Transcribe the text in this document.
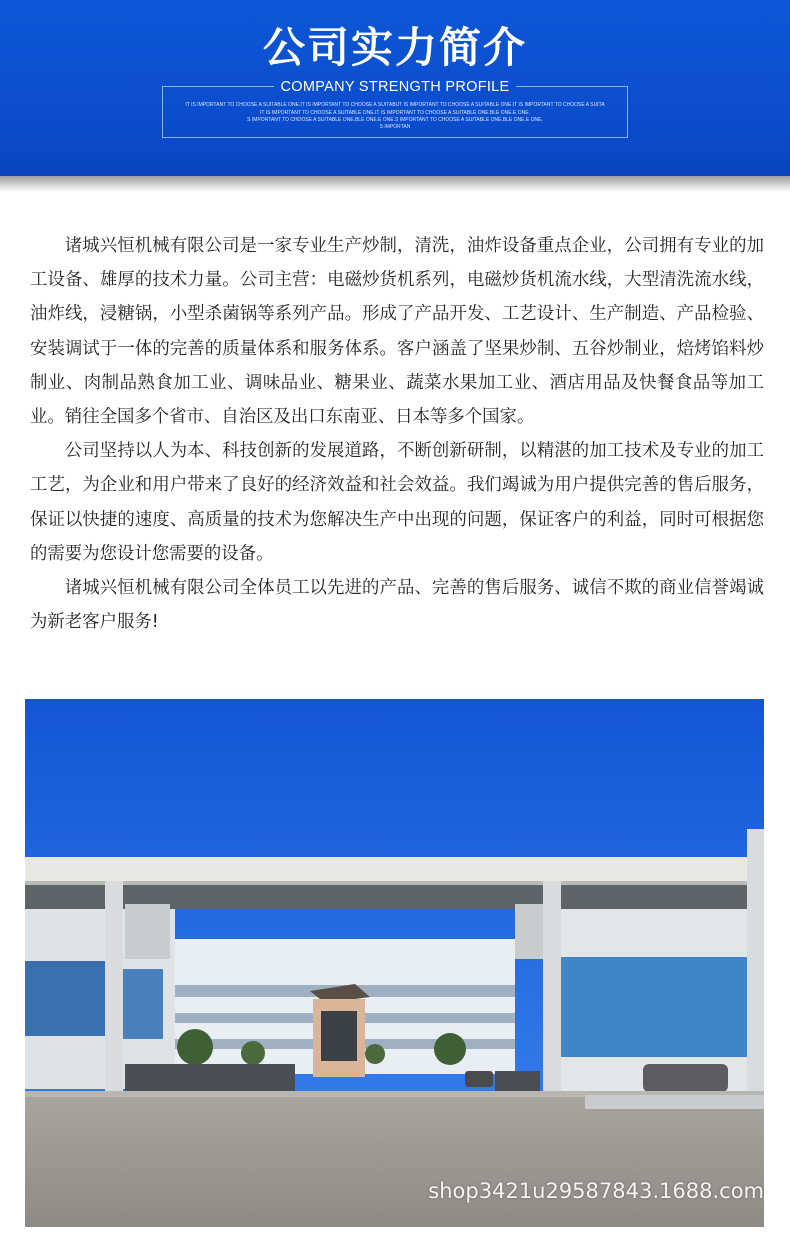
公司实力简介
COMPANY STRENGTH PROFILE
IT IS IMPORTANT TO CHOOSE A SUITABLE ONE.IT IS IMPORTANT TO CHOOSE A SUITABUT IS IMPORTANT TO CHOOSE A SUITABLE ONE.IT IS IMPORTANT TO CHOOSE A SUITA
IT IS IMPORTANT TO CHOOSE A SUITABLE ONE.IT IS IMPORTANT TO CHOOSE A SUITABLE ONE.BLE ONE.E ONE.
S IMPORTANT TO CHOOSE A SUITABLE ONE.BLE ONE.E ONE.S IMPORTANT TO CHOOSE A SUITABLE ONE.BLE ONE.E ONE.
S IMPORTAN

诸城兴恒机械有限公司是一家专业生产炒制，清洗，油炸设备重点企业，公司拥有专业的加工设备、雄厚的技术力量。公司主营：电磁炒货机系列，电磁炒货机流水线，大型清洗流水线，油炸线，浸糖锅，小型杀菌锅等系列产品。形成了产品开发、工艺设计、生产制造、产品检验、安装调试于一体的完善的质量体系和服务体系。客户涵盖了坚果炒制、五谷炒制业，焙烤馅料炒制业、肉制品熟食加工业、调味品业、糖果业、蔬菜水果加工业、酒店用品及快餐食品等加工业。销往全国多个省市、自治区及出口东南亚、日本等多个国家。

公司坚持以人为本、科技创新的发展道路，不断创新研制，以精湛的加工技术及专业的加工工艺，为企业和用户带来了良好的经济效益和社会效益。我们竭诚为用户提供完善的售后服务，保证以快捷的速度、高质量的技术为您解决生产中出现的问题，保证客户的利益，同时可根据您的需要为您设计您需要的设备。

诸城兴恒机械有限公司全体员工以先进的产品、完善的售后服务、诚信不欺的商业信誉竭诚为新老客户服务!

shop3421u29587843.1688.com
